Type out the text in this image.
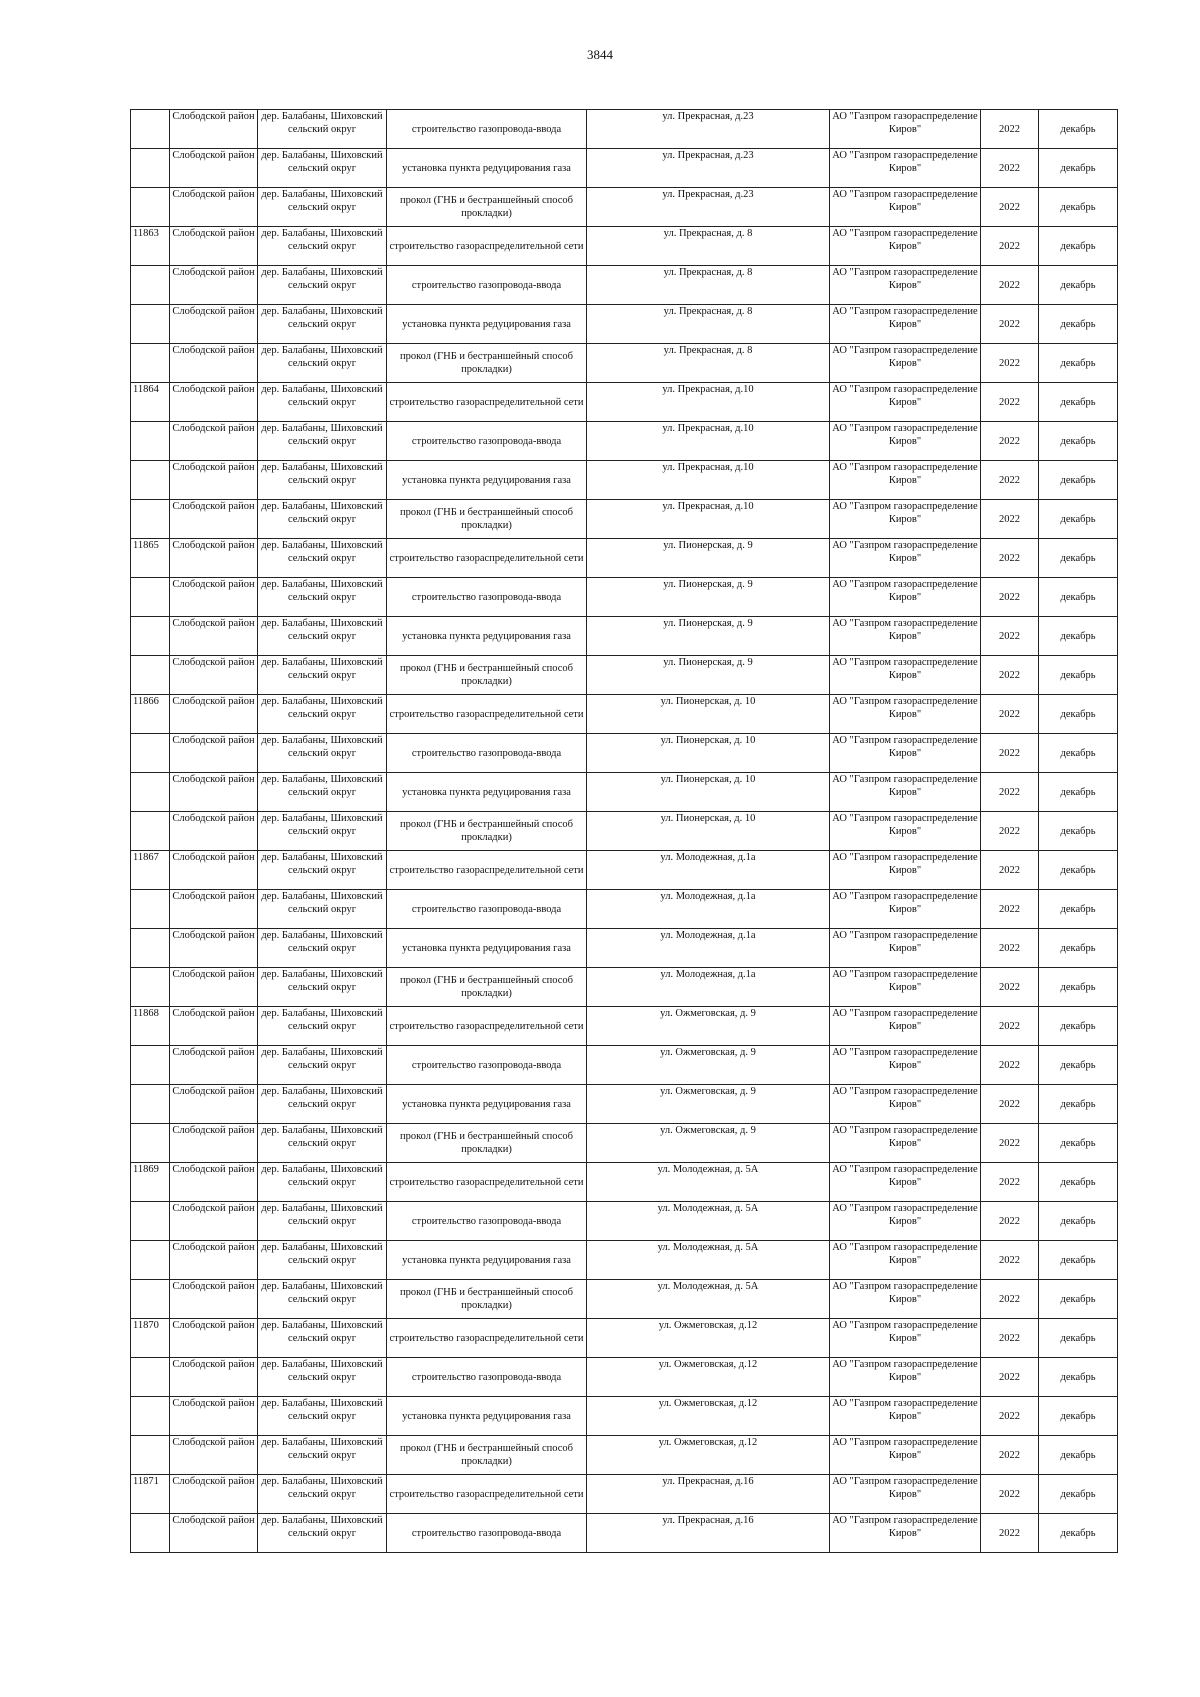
3844
	Слободской район	дер. Балабаны, Шиховский сельский округ	строительство газопровода-ввода	ул. Прекрасная, д.23	АО "Газпром газораспределение Киров"	2022	декабрь
	Слободской район	дер. Балабаны, Шиховский сельский округ	установка пункта редуцирования газа	ул. Прекрасная, д.23	АО "Газпром газораспределение Киров"	2022	декабрь
	Слободской район	дер. Балабаны, Шиховский сельский округ	прокол (ГНБ и бестраншейный способ прокладки)	ул. Прекрасная, д.23	АО "Газпром газораспределение Киров"	2022	декабрь
11863	Слободской район	дер. Балабаны, Шиховский сельский округ	строительство газораспределительной сети	ул. Прекрасная, д. 8	АО "Газпром газораспределение Киров"	2022	декабрь
	Слободской район	дер. Балабаны, Шиховский сельский округ	строительство газопровода-ввода	ул. Прекрасная, д. 8	АО "Газпром газораспределение Киров"	2022	декабрь
	Слободской район	дер. Балабаны, Шиховский сельский округ	установка пункта редуцирования газа	ул. Прекрасная, д. 8	АО "Газпром газораспределение Киров"	2022	декабрь
	Слободской район	дер. Балабаны, Шиховский сельский округ	прокол (ГНБ и бестраншейный способ прокладки)	ул. Прекрасная, д. 8	АО "Газпром газораспределение Киров"	2022	декабрь
11864	Слободской район	дер. Балабаны, Шиховский сельский округ	строительство газораспределительной сети	ул. Прекрасная, д.10	АО "Газпром газораспределение Киров"	2022	декабрь
	Слободской район	дер. Балабаны, Шиховский сельский округ	строительство газопровода-ввода	ул. Прекрасная, д.10	АО "Газпром газораспределение Киров"	2022	декабрь
	Слободской район	дер. Балабаны, Шиховский сельский округ	установка пункта редуцирования газа	ул. Прекрасная, д.10	АО "Газпром газораспределение Киров"	2022	декабрь
	Слободской район	дер. Балабаны, Шиховский сельский округ	прокол (ГНБ и бестраншейный способ прокладки)	ул. Прекрасная, д.10	АО "Газпром газораспределение Киров"	2022	декабрь
11865	Слободской район	дер. Балабаны, Шиховский сельский округ	строительство газораспределительной сети	ул. Пионерская, д. 9	АО "Газпром газораспределение Киров"	2022	декабрь
	Слободской район	дер. Балабаны, Шиховский сельский округ	строительство газопровода-ввода	ул. Пионерская, д. 9	АО "Газпром газораспределение Киров"	2022	декабрь
	Слободской район	дер. Балабаны, Шиховский сельский округ	установка пункта редуцирования газа	ул. Пионерская, д. 9	АО "Газпром газораспределение Киров"	2022	декабрь
	Слободской район	дер. Балабаны, Шиховский сельский округ	прокол (ГНБ и бестраншейный способ прокладки)	ул. Пионерская, д. 9	АО "Газпром газораспределение Киров"	2022	декабрь
11866	Слободской район	дер. Балабаны, Шиховский сельский округ	строительство газораспределительной сети	ул. Пионерская, д. 10	АО "Газпром газораспределение Киров"	2022	декабрь
	Слободской район	дер. Балабаны, Шиховский сельский округ	строительство газопровода-ввода	ул. Пионерская, д. 10	АО "Газпром газораспределение Киров"	2022	декабрь
	Слободской район	дер. Балабаны, Шиховский сельский округ	установка пункта редуцирования газа	ул. Пионерская, д. 10	АО "Газпром газораспределение Киров"	2022	декабрь
	Слободской район	дер. Балабаны, Шиховский сельский округ	прокол (ГНБ и бестраншейный способ прокладки)	ул. Пионерская, д. 10	АО "Газпром газораспределение Киров"	2022	декабрь
11867	Слободской район	дер. Балабаны, Шиховский сельский округ	строительство газораспределительной сети	ул. Молодежная, д.1а	АО "Газпром газораспределение Киров"	2022	декабрь
	Слободской район	дер. Балабаны, Шиховский сельский округ	строительство газопровода-ввода	ул. Молодежная, д.1а	АО "Газпром газораспределение Киров"	2022	декабрь
	Слободской район	дер. Балабаны, Шиховский сельский округ	установка пункта редуцирования газа	ул. Молодежная, д.1а	АО "Газпром газораспределение Киров"	2022	декабрь
	Слободской район	дер. Балабаны, Шиховский сельский округ	прокол (ГНБ и бестраншейный способ прокладки)	ул. Молодежная, д.1а	АО "Газпром газораспределение Киров"	2022	декабрь
11868	Слободской район	дер. Балабаны, Шиховский сельский округ	строительство газораспределительной сети	ул. Ожмеговская, д. 9	АО "Газпром газораспределение Киров"	2022	декабрь
	Слободской район	дер. Балабаны, Шиховский сельский округ	строительство газопровода-ввода	ул. Ожмеговская, д. 9	АО "Газпром газораспределение Киров"	2022	декабрь
	Слободской район	дер. Балабаны, Шиховский сельский округ	установка пункта редуцирования газа	ул. Ожмеговская, д. 9	АО "Газпром газораспределение Киров"	2022	декабрь
	Слободской район	дер. Балабаны, Шиховский сельский округ	прокол (ГНБ и бестраншейный способ прокладки)	ул. Ожмеговская, д. 9	АО "Газпром газораспределение Киров"	2022	декабрь
11869	Слободской район	дер. Балабаны, Шиховский сельский округ	строительство газораспределительной сети	ул. Молодежная, д. 5А	АО "Газпром газораспределение Киров"	2022	декабрь
	Слободской район	дер. Балабаны, Шиховский сельский округ	строительство газопровода-ввода	ул. Молодежная, д. 5А	АО "Газпром газораспределение Киров"	2022	декабрь
	Слободской район	дер. Балабаны, Шиховский сельский округ	установка пункта редуцирования газа	ул. Молодежная, д. 5А	АО "Газпром газораспределение Киров"	2022	декабрь
	Слободской район	дер. Балабаны, Шиховский сельский округ	прокол (ГНБ и бестраншейный способ прокладки)	ул. Молодежная, д. 5А	АО "Газпром газораспределение Киров"	2022	декабрь
11870	Слободской район	дер. Балабаны, Шиховский сельский округ	строительство газораспределительной сети	ул. Ожмеговская, д.12	АО "Газпром газораспределение Киров"	2022	декабрь
	Слободской район	дер. Балабаны, Шиховский сельский округ	строительство газопровода-ввода	ул. Ожмеговская, д.12	АО "Газпром газораспределение Киров"	2022	декабрь
	Слободской район	дер. Балабаны, Шиховский сельский округ	установка пункта редуцирования газа	ул. Ожмеговская, д.12	АО "Газпром газораспределение Киров"	2022	декабрь
	Слободской район	дер. Балабаны, Шиховский сельский округ	прокол (ГНБ и бестраншейный способ прокладки)	ул. Ожмеговская, д.12	АО "Газпром газораспределение Киров"	2022	декабрь
11871	Слободской район	дер. Балабаны, Шиховский сельский округ	строительство газораспределительной сети	ул. Прекрасная, д.16	АО "Газпром газораспределение Киров"	2022	декабрь
	Слободской район	дер. Балабаны, Шиховский сельский округ	строительство газопровода-ввода	ул. Прекрасная, д.16	АО "Газпром газораспределение Киров"	2022	декабрь
